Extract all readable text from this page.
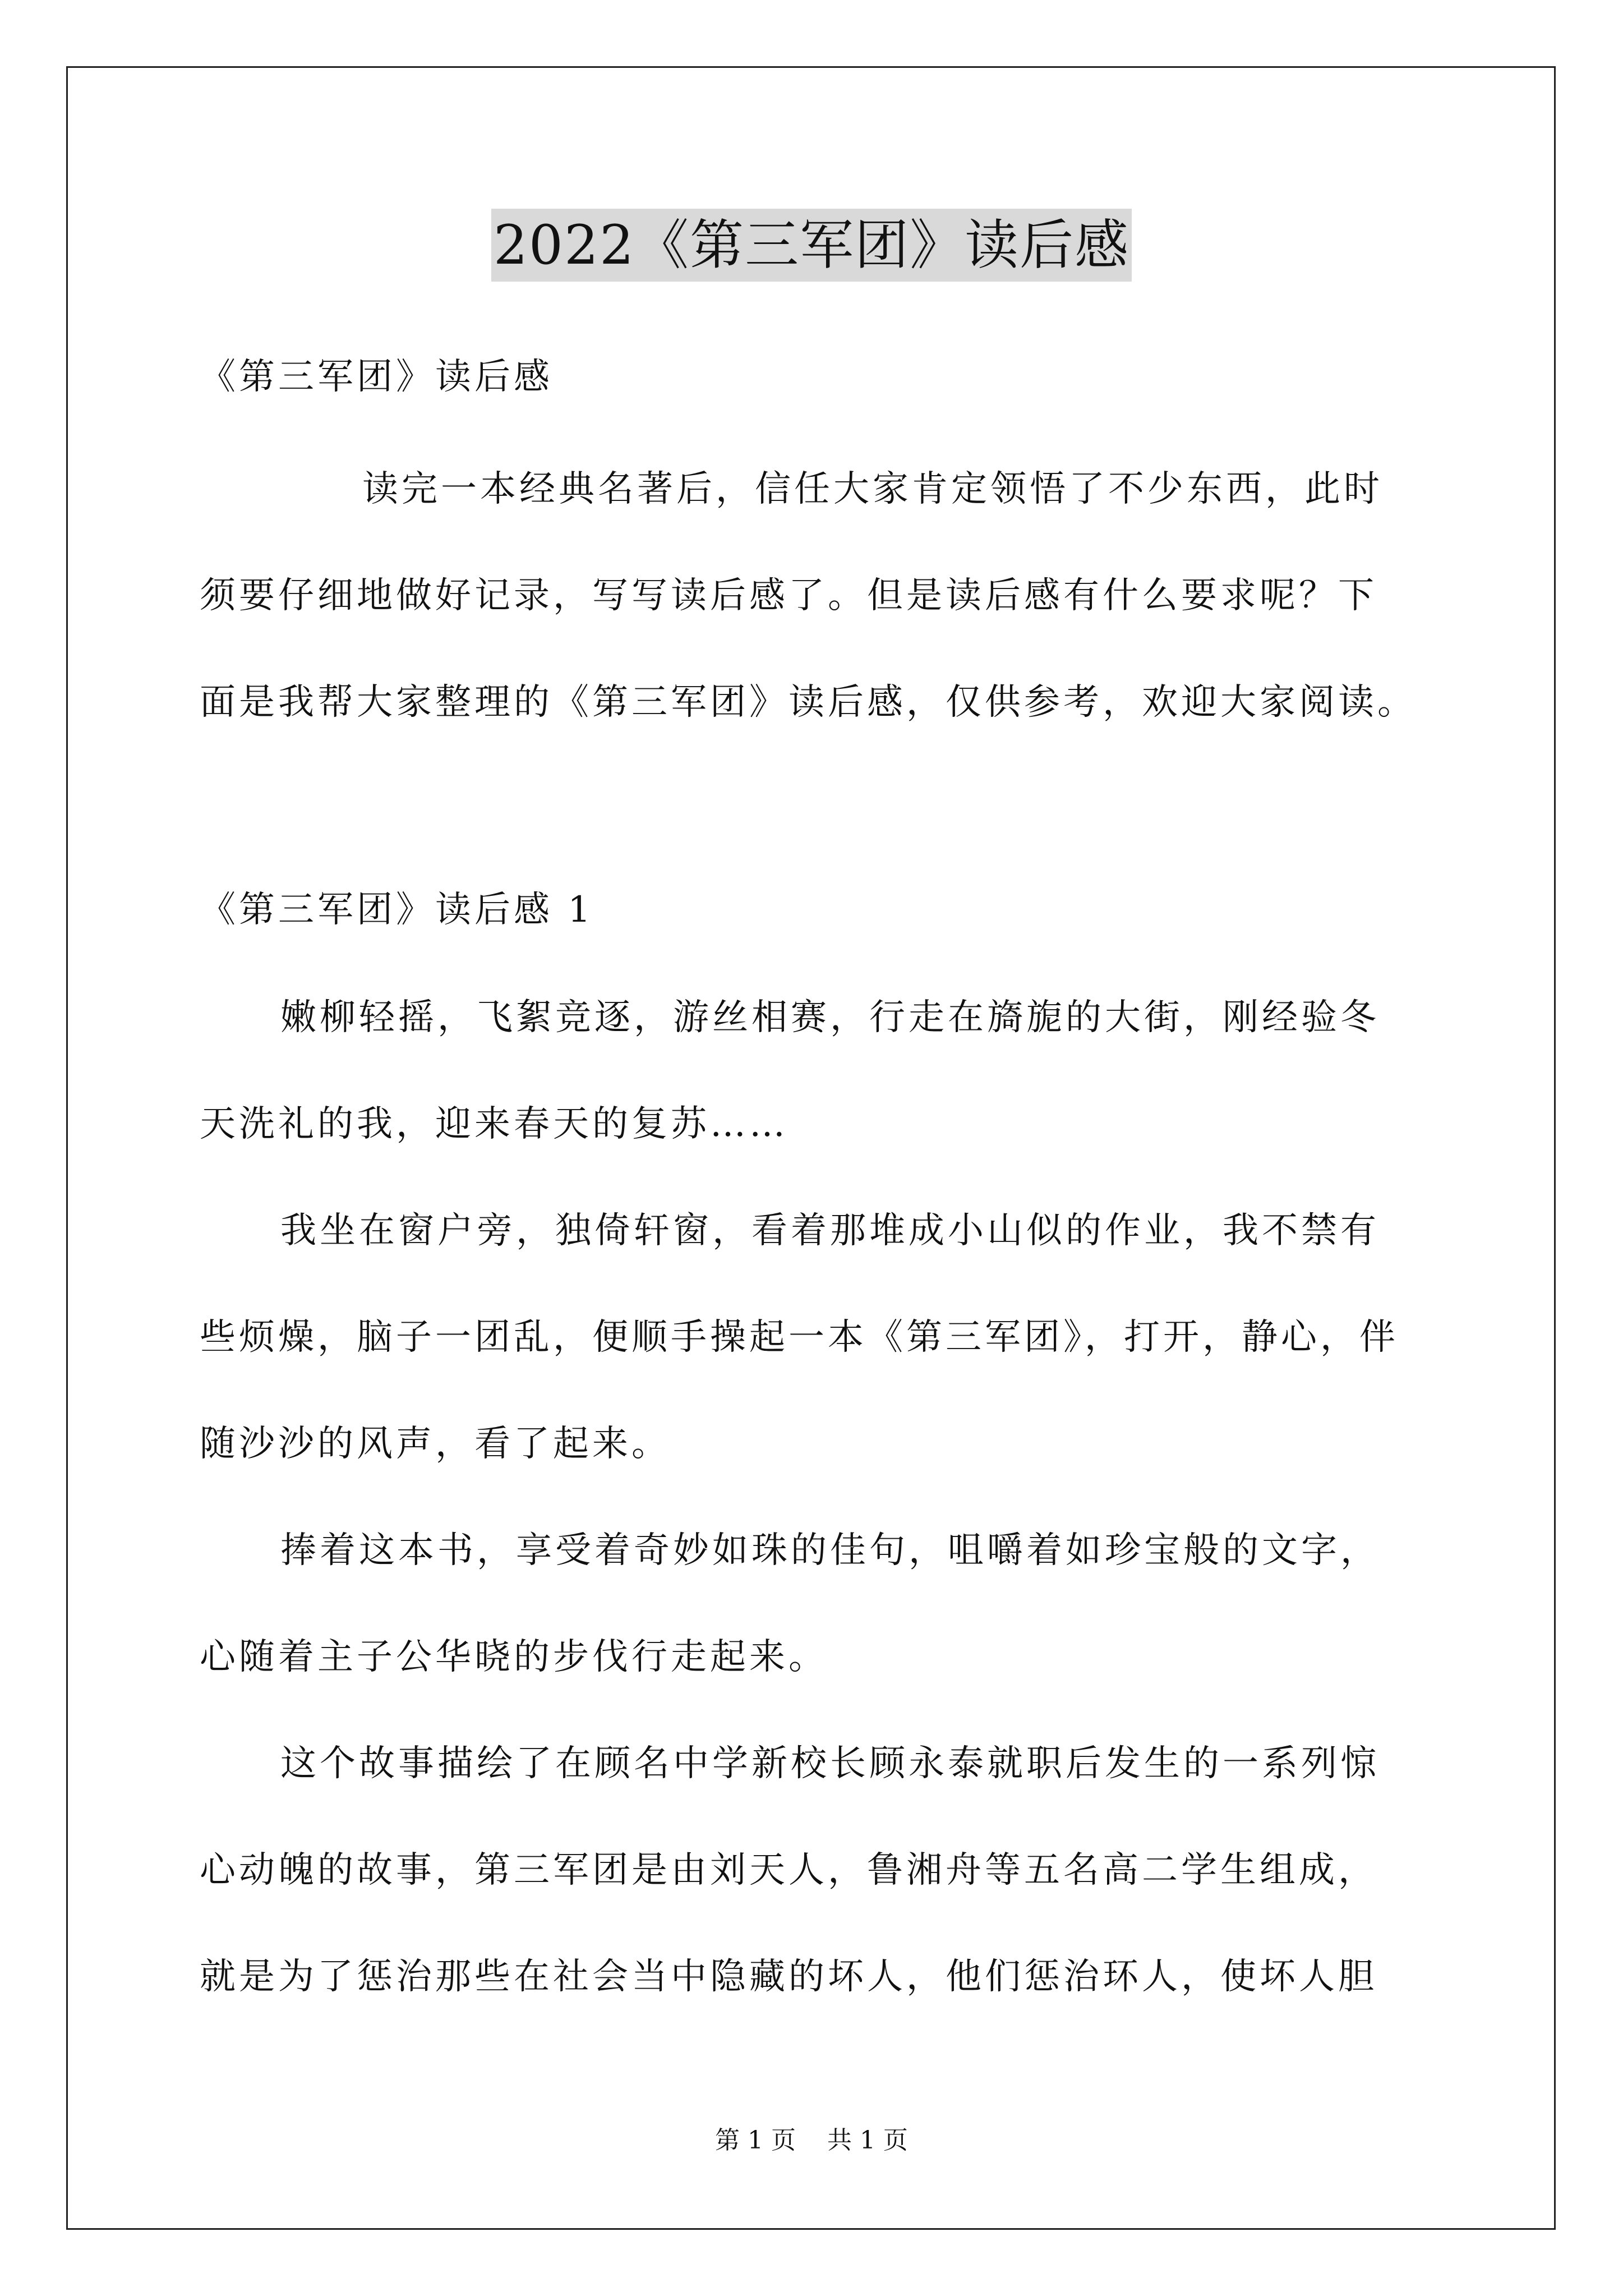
2022《第三军团》读后感
《第三军团》读后感
读完一本经典名著后，信任大家肯定领悟了不少东西，此时
须要仔细地做好记录，写写读后感了。但是读后感有什么要求呢？下
面是我帮大家整理的《第三军团》读后感，仅供参考，欢迎大家阅读。
《第三军团》读后感 1
嫩柳轻摇，飞絮竞逐，游丝相赛，行走在旖旎的大街，刚经验冬
天洗礼的我，迎来春天的复苏……
我坐在窗户旁，独倚轩窗，看着那堆成小山似的作业，我不禁有
些烦燥，脑子一团乱，便顺手操起一本《第三军团》，打开，静心，伴
随沙沙的风声，看了起来。
捧着这本书，享受着奇妙如珠的佳句，咀嚼着如珍宝般的文字，
心随着主子公华晓的步伐行走起来。
这个故事描绘了在顾名中学新校长顾永泰就职后发生的一系列惊
心动魄的故事，第三军团是由刘天人，鲁湘舟等五名高二学生组成，
就是为了惩治那些在社会当中隐藏的坏人，他们惩治环人，使坏人胆
第 1 页    共 1 页
